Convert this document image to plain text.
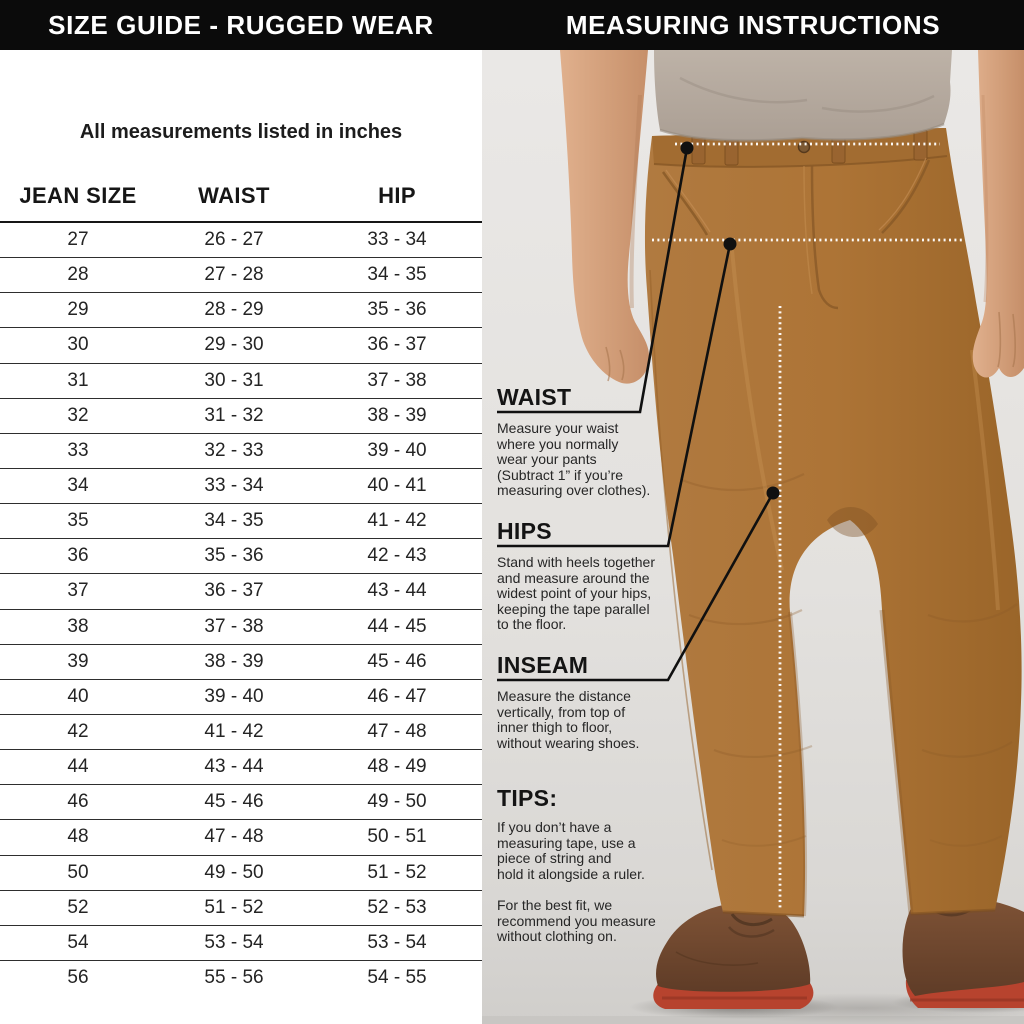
SIZE GUIDE - RUGGED WEAR	MEASURING INSTRUCTIONS
All measurements listed in inches
JEAN SIZE	WAIST	HIP
27	26 - 27	33 - 34
28	27 - 28	34 - 35
29	28 - 29	35 - 36
30	29 - 30	36 - 37
31	30 - 31	37 - 38
32	31 - 32	38 - 39
33	32 - 33	39 - 40
34	33 - 34	40 - 41
35	34 - 35	41 - 42
36	35 - 36	42 - 43
37	36 - 37	43 - 44
38	37 - 38	44 - 45
39	38 - 39	45 - 46
40	39 - 40	46 - 47
42	41 - 42	47 - 48
44	43 - 44	48 - 49
46	45 - 46	49 - 50
48	47 - 48	50 - 51
50	49 - 50	51 - 52
52	51 - 52	52 - 53
54	53 - 54	53 - 54
56	55 - 56	54 - 55
WAIST
Measure your waist
where you normally
wear your pants
(Subtract 1” if you’re
measuring over clothes).
HIPS
Stand with heels together
and measure around the
widest point of your hips,
keeping the tape parallel
to the floor.
INSEAM
Measure the distance
vertically, from top of
inner thigh to floor,
without wearing shoes.
TIPS:
If you don’t have a
measuring tape, use a
piece of string and
hold it alongside a ruler.
For the best fit, we
recommend you measure
without clothing on.
